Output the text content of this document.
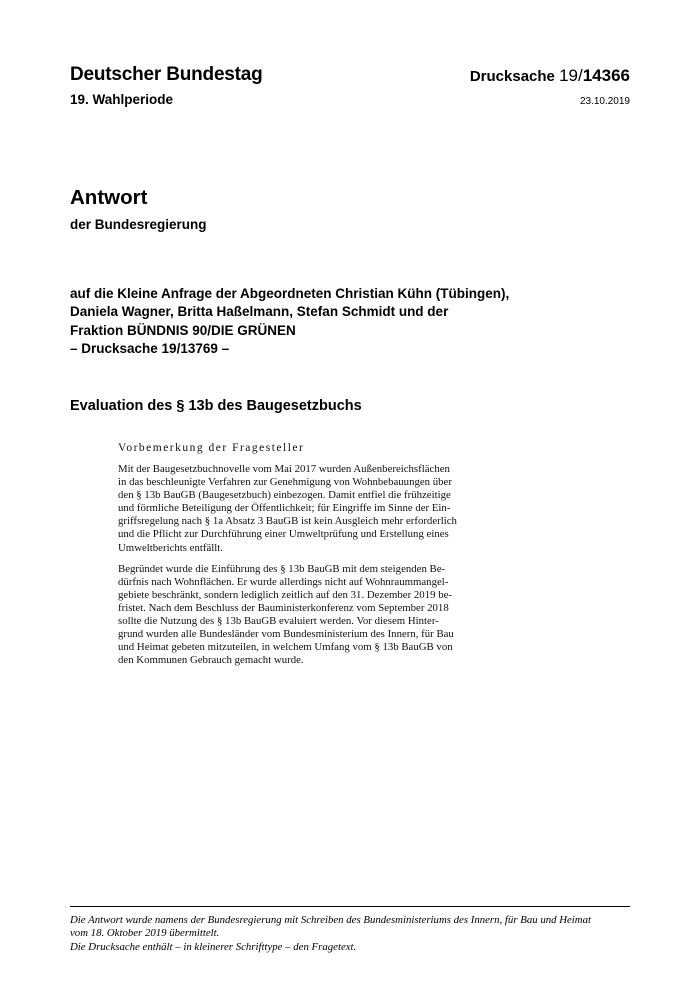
Deutscher Bundestag
19. Wahlperiode
Drucksache 19/14366
23.10.2019
Antwort
der Bundesregierung
auf die Kleine Anfrage der Abgeordneten Christian Kühn (Tübingen),
Daniela Wagner, Britta Haßelmann, Stefan Schmidt und der
Fraktion BÜNDNIS 90/DIE GRÜNEN
– Drucksache 19/13769 –
Evaluation des § 13b des Baugesetzbuchs
Vorbemerkung der Fragesteller
Mit der Baugesetzbuchnovelle vom Mai 2017 wurden Außenbereichsflächen
in das beschleunigte Verfahren zur Genehmigung von Wohnbebauungen über
den § 13b BauGB (Baugesetzbuch) einbezogen. Damit entfiel die frühzeitige
und förmliche Beteiligung der Öffentlichkeit; für Eingriffe im Sinne der Ein-
griffsregelung nach § 1a Absatz 3 BauGB ist kein Ausgleich mehr erforderlich
und die Pflicht zur Durchführung einer Umweltprüfung und Erstellung eines
Umweltberichts entfällt.
Begründet wurde die Einführung des § 13b BauGB mit dem steigenden Be-
dürfnis nach Wohnflächen. Er wurde allerdings nicht auf Wohnraummangel-
gebiete beschränkt, sondern lediglich zeitlich auf den 31. Dezember 2019 be-
fristet. Nach dem Beschluss der Bauministerkonferenz vom September 2018
sollte die Nutzung des § 13b BauGB evaluiert werden. Vor diesem Hinter-
grund wurden alle Bundesländer vom Bundesministerium des Innern, für Bau
und Heimat gebeten mitzuteilen, in welchem Umfang vom § 13b BauGB von
den Kommunen Gebrauch gemacht wurde.
Die Antwort wurde namens der Bundesregierung mit Schreiben des Bundesministeriums des Innern, für Bau und Heimat
vom 18. Oktober 2019 übermittelt.
Die Drucksache enthält – in kleinerer Schrifttype – den Fragetext.
